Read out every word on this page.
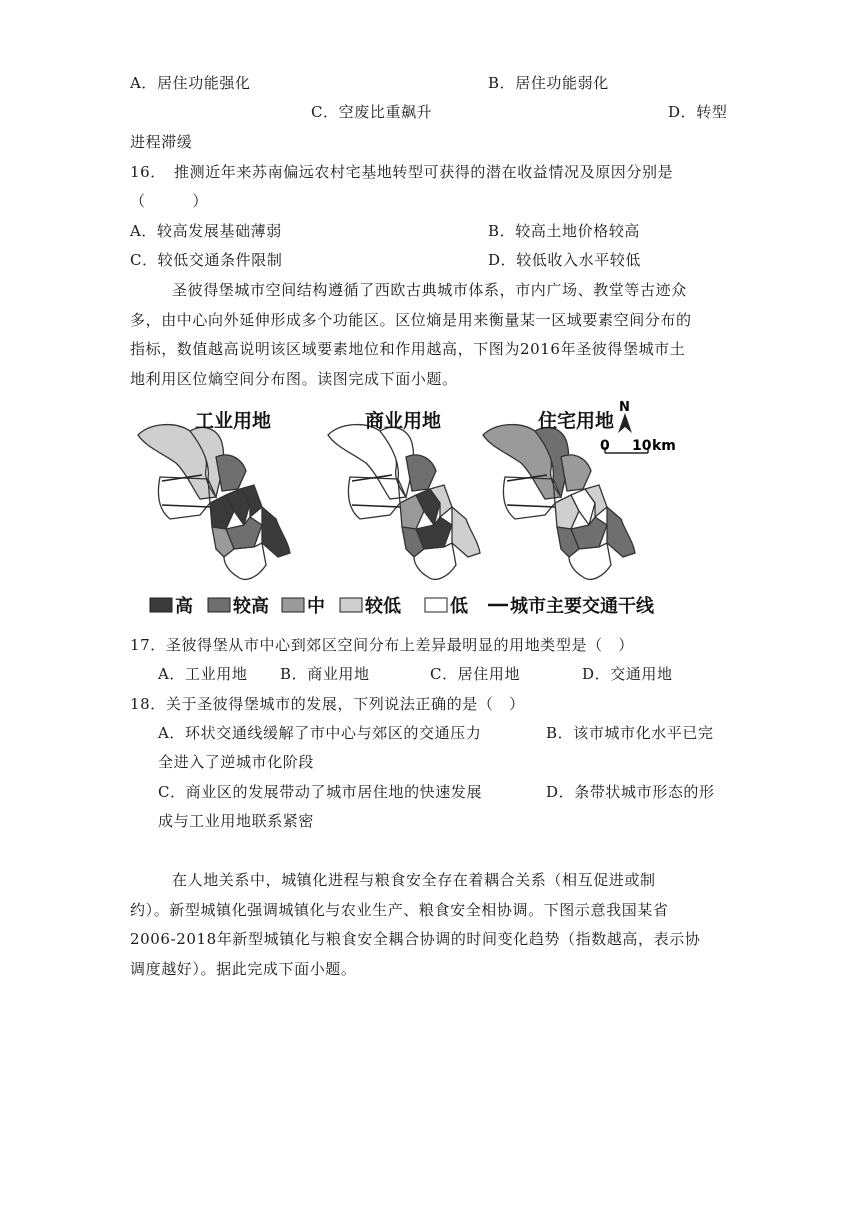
A．居住功能强化	B．居住功能弱化
C．空废比重飙升	D．转型
进程滞缓
16．　推测近年来苏南偏远农村宅基地转型可获得的潜在收益情况及原因分别是
（　　　）
A．较高发展基础薄弱	B．较高土地价格较高
C．较低交通条件限制	D．较低收入水平较低
圣彼得堡城市空间结构遵循了西欧古典城市体系，市内广场、教堂等古迹众
多，由中心向外延伸形成多个功能区。区位熵是用来衡量某一区域要素空间分布的
指标，数值越高说明该区域要素地位和作用越高，下图为2016年圣彼得堡城市土
地利用区位熵空间分布图。读图完成下面小题。
工业用地	商业用地	住宅用地
N
0 10 km
高 较高 中 较低	低 城市主要交通干线
17．圣彼得堡从市中心到郊区空间分布上差异最明显的用地类型是（　）
A．工业用地 B．商业用地	C．居住用地	D．交通用地
18．关于圣彼得堡城市的发展，下列说法正确的是（　）
A．环状交通线缓解了市中心与郊区的交通压力	B．该市城市化水平已完
全进入了逆城市化阶段
C．商业区的发展带动了城市居住地的快速发展	D．条带状城市形态的形
成与工业用地联系紧密
在人地关系中，城镇化进程与粮食安全存在着耦合关系（相互促进或制
约）。新型城镇化强调城镇化与农业生产、粮食安全相协调。下图示意我国某省
2006-2018年新型城镇化与粮食安全耦合协调的时间变化趋势（指数越高，表示协
调度越好）。据此完成下面小题。
